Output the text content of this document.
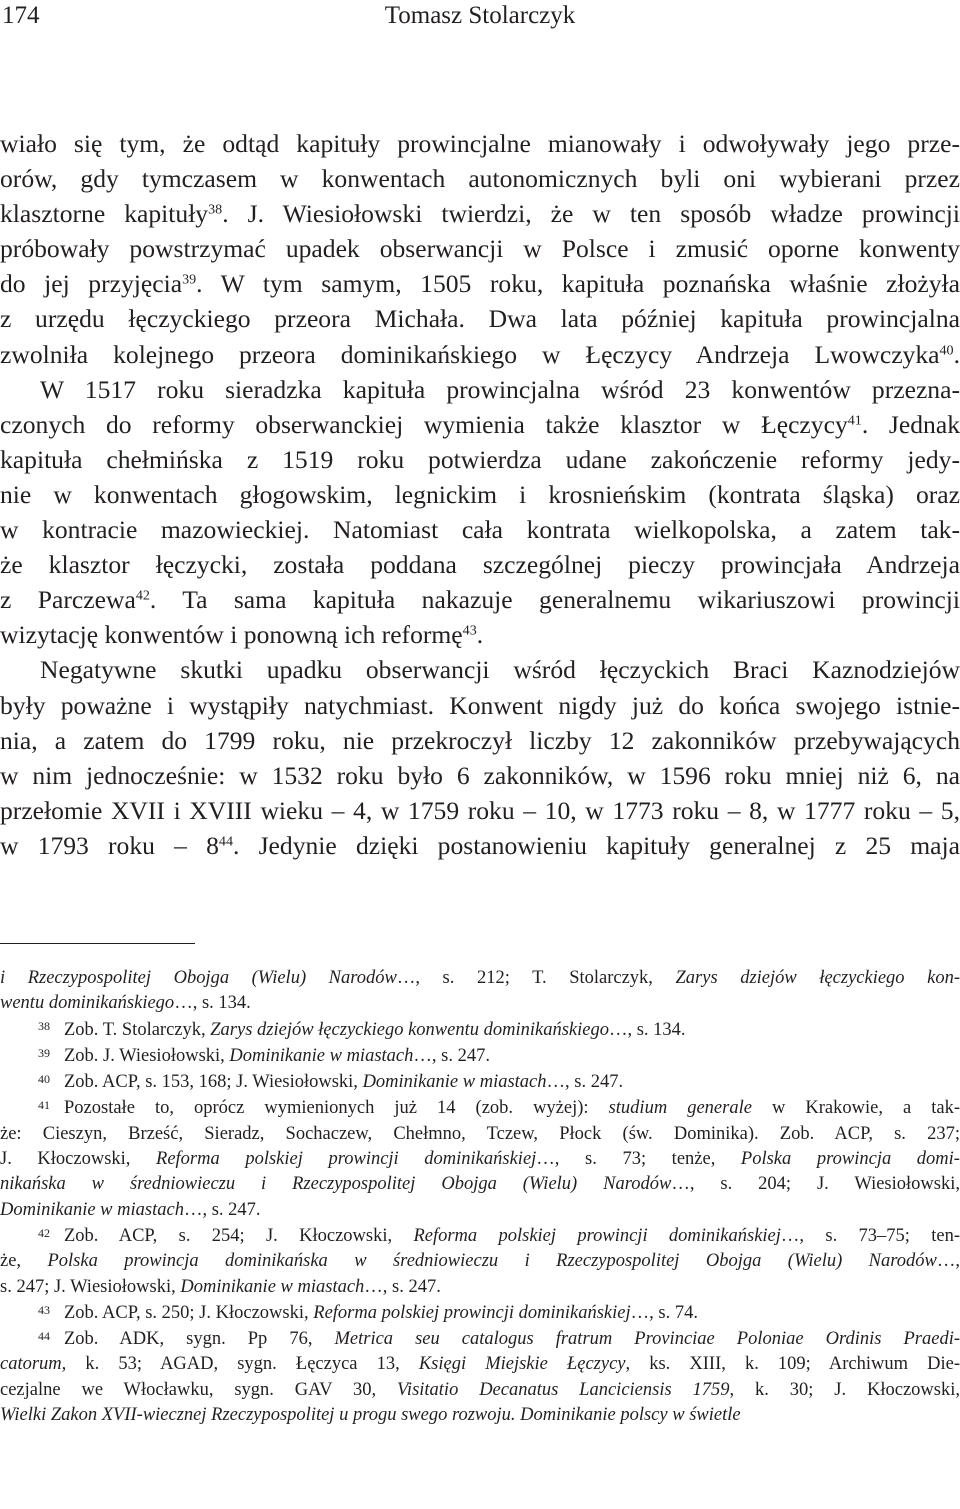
174	Tomasz Stolarczyk

wiało się tym, że odtąd kapituły prowincjalne mianowały i odwoływały jego prze-
orów, gdy tymczasem w konwentach autonomicznych byli oni wybierani przez
klasztorne kapituły$^{38}$. J. Wiesiołowski twierdzi, że w ten sposób władze prowincji
próbowały powstrzymać upadek obserwancji w Polsce i zmusić oporne konwenty
do jej przyjęcia$^{39}$. W tym samym, 1505 roku, kapituła poznańska właśnie złożyła
z urzędu łęczyckiego przeora Michała. Dwa lata później kapituła prowincjalna
zwolniła kolejnego przeora dominikańskiego w Łęczycy Andrzeja Lwowczyka$^{40}$.
W 1517 roku sieradzka kapituła prowincjalna wśród 23 konwentów przezna-
czonych do reformy obserwanckiej wymienia także klasztor w Łęczycy$^{41}$. Jednak
kapituła chełmińska z 1519 roku potwierdza udane zakończenie reformy jedy-
nie w konwentach głogowskim, legnickim i krosnieńskim (kontrata śląska) oraz
w kontracie mazowieckiej. Natomiast cała kontrata wielkopolska, a zatem tak-
że klasztor łęczycki, została poddana szczególnej pieczy prowincjała Andrzeja
z Parczewa$^{42}$. Ta sama kapituła nakazuje generalnemu wikariuszowi prowincji
wizytację konwentów i ponowną ich reformę$^{43}$.

Negatywne skutki upadku obserwancji wśród łęczyckich Braci Kaznodziejów
były poważne i wystąpiły natychmiast. Konwent nigdy już do końca swojego istnie-
nia, a zatem do 1799 roku, nie przekroczył liczby 12 zakonników przebywających
w nim jednocześnie: w 1532 roku było 6 zakonników, w 1596 roku mniej niż 6, na
przełomie XVII i XVIII wieku – 4, w 1759 roku – 10, w 1773 roku – 8, w 1777 roku – 5,
w 1793 roku – $8^{44}$. Jedynie dzięki postanowieniu kapituły generalnej z 25 maja

i Rzeczypospolitej Obojga (Wielu) Narodów…, s. 212; T. Stolarczyk, Zarys dziejów łęczyckiego kon-
wentu dominikańskiego…, s. 134.
38 Zob. T. Stolarczyk, Zarys dziejów łęczyckiego konwentu dominikańskiego…, s. 134.
39 Zob. J. Wiesiołowski, Dominikanie w miastach…, s. 247.
40 Zob. ACP, s. 153, 168; J. Wiesiołowski, Dominikanie w miastach…, s. 247.
41 Pozostałe to, oprócz wymienionych już 14 (zob. wyżej): studium generale w Krakowie, a tak-
że: Cieszyn, Brześć, Sieradz, Sochaczew, Chełmno, Tczew, Płock (św. Dominika). Zob. ACP, s. 237;
J. Kłoczowski, Reforma polskiej prowincji dominikańskiej…, s. 73; tenże, Polska prowincja domi-
nikańska w średniowieczu i Rzeczypospolitej Obojga (Wielu) Narodów…, s. 204; J. Wiesiołowski,
Dominikanie w miastach…, s. 247.
42 Zob. ACP, s. 254; J. Kłoczowski, Reforma polskiej prowincji dominikańskiej…, s. 73–75; ten-
że, Polska prowincja dominikańska w średniowieczu i Rzeczypospolitej Obojga (Wielu) Narodów…,
s. 247; J. Wiesiołowski, Dominikanie w miastach…, s. 247.
43 Zob. ACP, s. 250; J. Kłoczowski, Reforma polskiej prowincji dominikańskiej…, s. 74.
44 Zob. ADK, sygn. Pp 76, Metrica seu catalogus fratrum Provinciae Poloniae Ordinis Praedi-
catorum, k. 53; AGAD, sygn. Łęczyca 13, Księgi Miejskie Łęczycy, ks. XIII, k. 109; Archiwum Die-
cezjalne we Włocławku, sygn. GAV 30, Visitatio Decanatus Lanciciensis 1759, k. 30; J. Kłoczowski,
Wielki Zakon XVII-wiecznej Rzeczypospolitej u progu swego rozwoju. Dominikanie polscy w świetle
